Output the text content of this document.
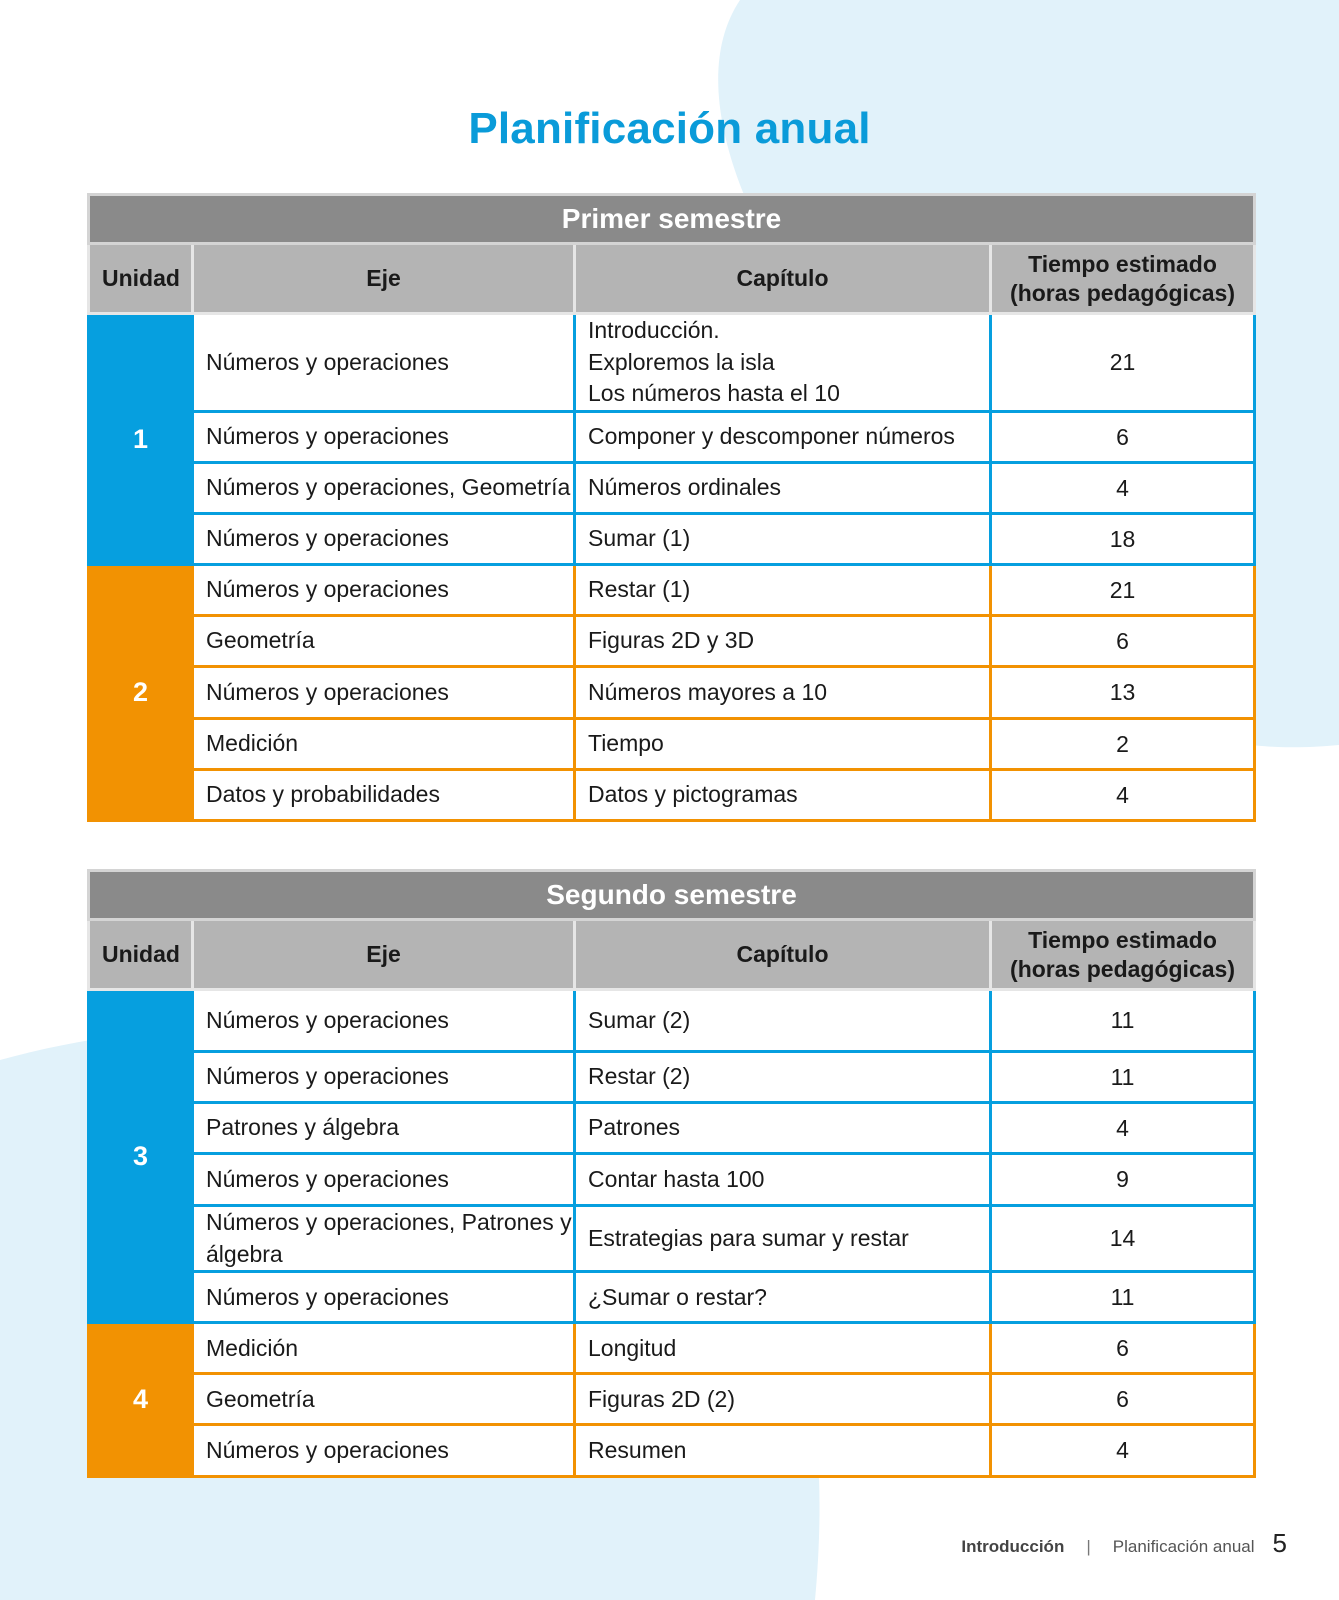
Planificación anual
Primer semestre			
Unidad	Eje	Capítulo	Tiempo estimado
(horas pedagógicas)

1	Números y operaciones	Introducción.
Exploremos la isla
Los números hasta el 10	21
	Números y operaciones	Componer y descomponer números	6
	Números y operaciones, Geometría	Números ordinales	4
	Números y operaciones	Sumar (1)	18
2	Números y operaciones	Restar (1)	21
	Geometría	Figuras 2D y 3D	6
	Números y operaciones	Números mayores a 10	13
	Medición	Tiempo	2
	Datos y probabilidades	Datos y pictogramas	4
Segundo semestre			
Unidad	Eje	Capítulo	Tiempo estimado
(horas pedagógicas)

3	Números y operaciones	Sumar (2)	11
	Números y operaciones	Restar (2)	11
	Patrones y álgebra	Patrones	4
	Números y operaciones	Contar hasta 100	9
	Números y operaciones, Patrones y álgebra	Estrategias para sumar y restar	14
	Números y operaciones	¿Sumar o restar?	11
4	Medición	Longitud	6
	Geometría	Figuras 2D (2)	6
	Números y operaciones	Resumen	4
Introducción | Planificación anual 5
